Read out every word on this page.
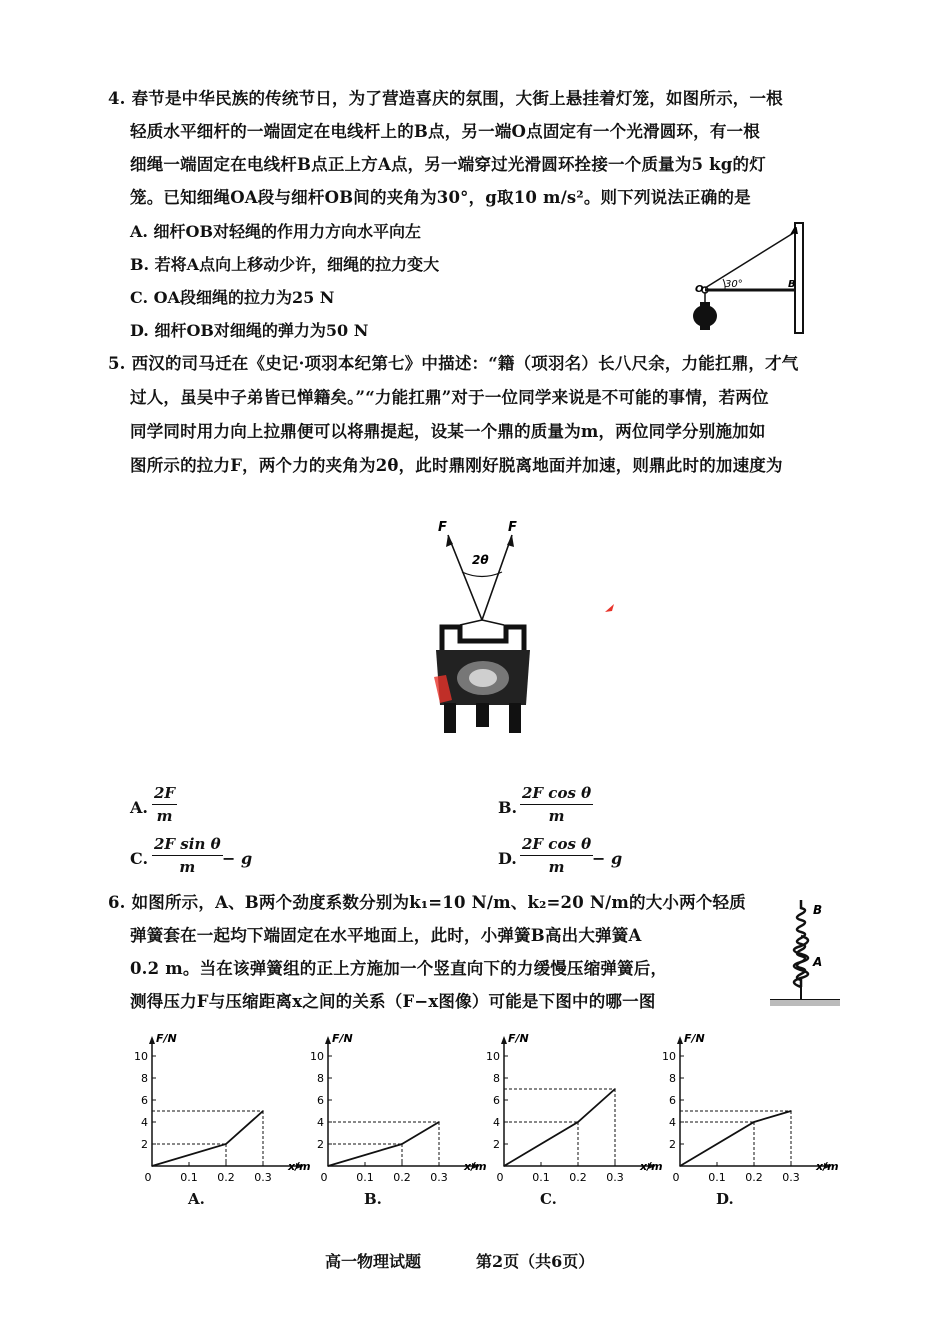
4. 春节是中华民族的传统节日，为了营造喜庆的氛围，大街上悬挂着灯笼，如图所示，一根
轻质水平细杆的一端固定在电线杆上的B点，另一端O点固定有一个光滑圆环，有一根
细绳一端固定在电线杆B点正上方A点，另一端穿过光滑圆环拴接一个质量为5 kg的灯
笼。已知细绳OA段与细杆OB间的夹角为30°，g取10 m/s²。则下列说法正确的是
A. 细杆OB对轻绳的作用力方向水平向左
B. 若将A点向上移动少许，细绳的拉力变大
C. OA段细绳的拉力为25 N
D. 细杆OB对细绳的弹力为50 N
30°
O	B
A
5. 西汉的司马迁在《史记·项羽本纪第七》中描述：“籍（项羽名）长八尺余，力能扛鼎，才气
过人，虽吴中子弟皆已惮籍矣。”“力能扛鼎”对于一位同学来说是不可能的事情，若两位
同学同时用力向上拉鼎便可以将鼎提起，设某一个鼎的质量为m，两位同学分别施加如
图所示的拉力F，两个力的夹角为2θ，此时鼎刚好脱离地面并加速，则鼎此时的加速度为
F	F
2θ
A. $\frac{2F}{m}$	B. $\frac{\text{2F cos θ}}{m}$
C. $\frac{\text{2F sin θ}}{m} - g$	D. $\frac{\text{2F cos θ}}{m}$
− g
6. 如图所示，A、B两个劲度系数分别为k₁=10 N/m、k₂=20 N/m的大小两个轻质
弹簧套在一起均下端固定在水平地面上，此时，小弹簧B高出大弹簧A
0.2 m。当在该弹簧组的正上方施加一个竖直向下的力缓慢压缩弹簧后，
测得压力F与压缩距离x之间的关系（F−x图像）可能是下图中的哪一图
B
A
F/N
x/m
2
4
6
8
10
0	0.1 0.2 0.3
A.
F/N
x/m
2
4
6
8
10
0	0.1 0.2 0.3
B.
F/N
x/m
2
4
6
8
10
0	0.1 0.2 0.3
C.
F/N
x/m
2
4
6
8
10
0	0.1 0.2 0.3
D.
高一物理试题	第2页（共6页）
